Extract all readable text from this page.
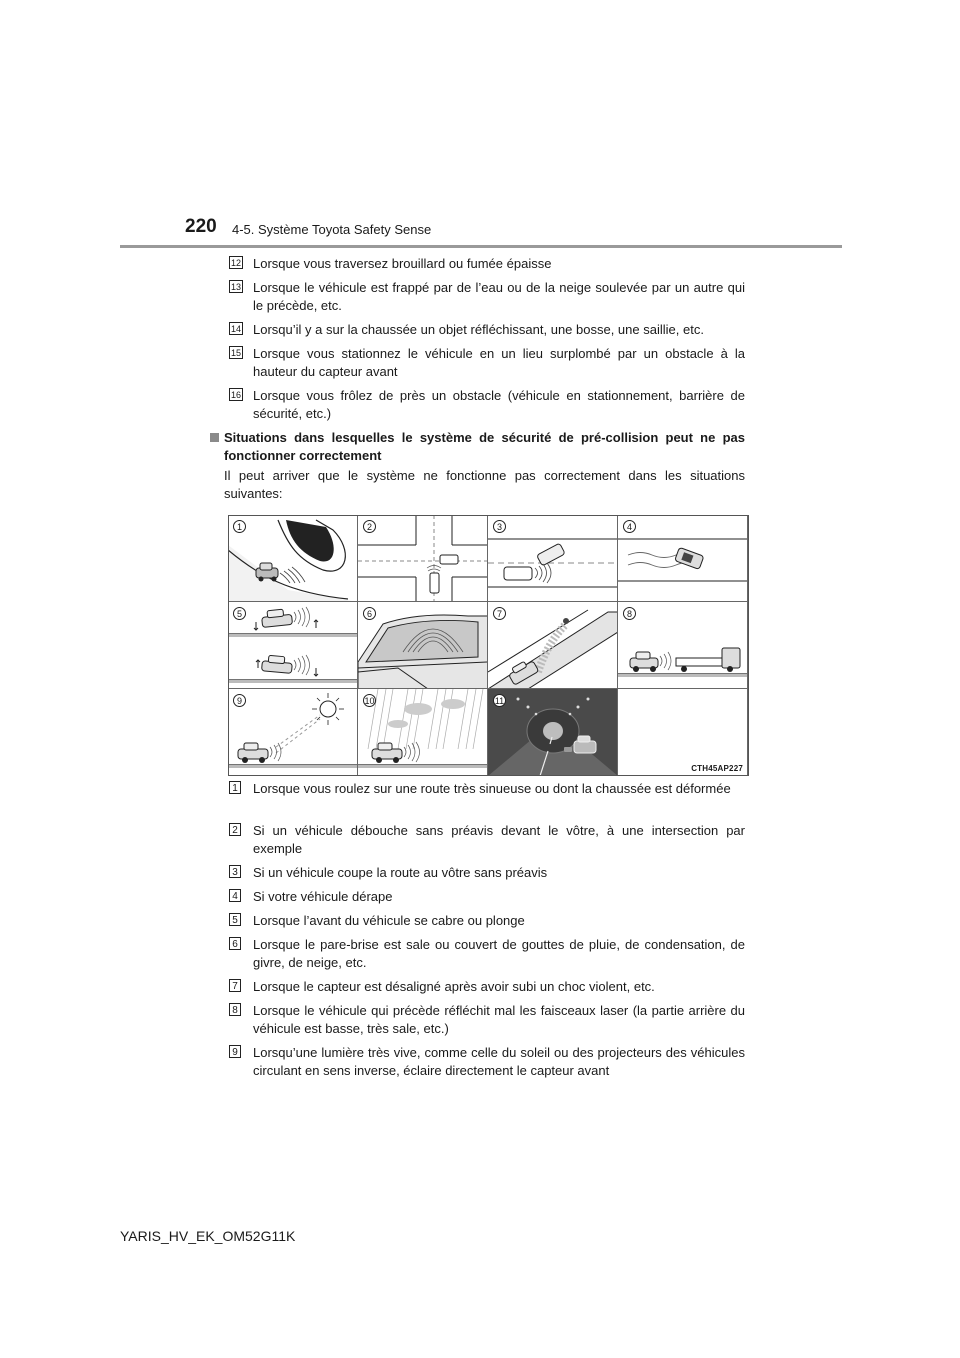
220 4-5. Système Toyota Safety Sense
12 Lorsque vous traversez brouillard ou fumée épaisse
13 Lorsque le véhicule est frappé par de l’eau ou de la neige soulevée par un autre qui le précède, etc.
14 Lorsqu’il y a sur la chaussée un objet réfléchissant, une bosse, une saillie, etc.
15 Lorsque vous stationnez le véhicule en un lieu surplombé par un obstacle à la hauteur du capteur avant
16 Lorsque vous frôlez de près un obstacle (véhicule en stationnement, barrière de sécurité, etc.)
Situations dans lesquelles le système de sécurité de pré-collision peut ne pas fonctionner correctement
Il peut arriver que le système ne fonctionne pas correctement dans les situations suivantes:
1	2	3	4
5	6	7	8
9	10	11
CTH45AP227
1 Lorsque vous roulez sur une route très sinueuse ou dont la chaussée est déformée
2 Si un véhicule débouche sans préavis devant le vôtre, à une intersection par exemple
3 Si un véhicule coupe la route au vôtre sans préavis
4 Si votre véhicule dérape
5 Lorsque l’avant du véhicule se cabre ou plonge
6 Lorsque le pare-brise est sale ou couvert de gouttes de pluie, de condensation, de givre, de neige, etc.
7 Lorsque le capteur est désaligné après avoir subi un choc violent, etc.
8 Lorsque le véhicule qui précède réfléchit mal les faisceaux laser (la partie arrière du véhicule est basse, très sale, etc.)
9 Lorsqu’une lumière très vive, comme celle du soleil ou des projecteurs des véhicules circulant en sens inverse, éclaire directement le capteur avant
YARIS_HV_EK_OM52G11K
